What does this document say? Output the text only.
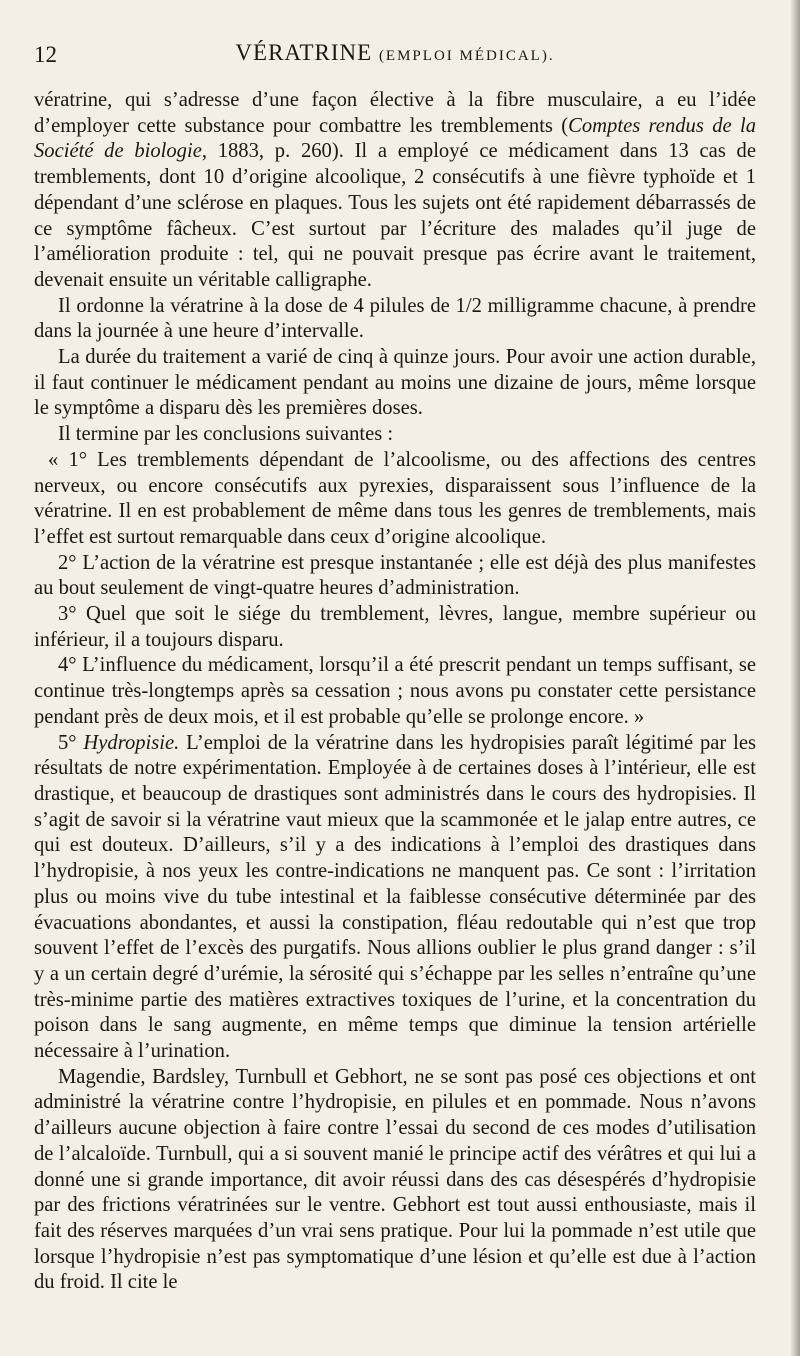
12	VÉRATRINE (EMPLOI MÉDICAL).

vératrine, qui s’adresse d’une façon élective à la fibre musculaire, a eu l’idée d’employer cette substance pour combattre les tremblements (Comptes rendus de la Société de biologie, 1883, p. 260). Il a employé ce médicament dans 13 cas de tremblements, dont 10 d’origine alcoolique, 2 consécutifs à une fièvre typhoïde et 1 dépendant d’une sclérose en plaques. Tous les sujets ont été rapidement débarrassés de ce symptôme fâcheux. C’est surtout par l’écriture des malades qu’il juge de l’amélioration produite : tel, qui ne pouvait presque pas écrire avant le traitement, devenait ensuite un véritable calligraphe.

Il ordonne la vératrine à la dose de 4 pilules de 1/2 milligramme chacune, à prendre dans la journée à une heure d’intervalle.

La durée du traitement a varié de cinq à quinze jours. Pour avoir une action durable, il faut continuer le médicament pendant au moins une dizaine de jours, même lorsque le symptôme a disparu dès les premières doses.

Il termine par les conclusions suivantes :

« 1° Les tremblements dépendant de l’alcoolisme, ou des affections des centres nerveux, ou encore consécutifs aux pyrexies, disparaissent sous l’influence de la vératrine. Il en est probablement de même dans tous les genres de tremblements, mais l’effet est surtout remarquable dans ceux d’origine alcoolique.

2° L’action de la vératrine est presque instantanée ; elle est déjà des plus manifestes au bout seulement de vingt-quatre heures d’administration.

3° Quel que soit le siége du tremblement, lèvres, langue, membre supérieur ou inférieur, il a toujours disparu.

4° L’influence du médicament, lorsqu’il a été prescrit pendant un temps suffisant, se continue très-longtemps après sa cessation ; nous avons pu constater cette persistance pendant près de deux mois, et il est probable qu’elle se prolonge encore. »

5° Hydropisie. L’emploi de la vératrine dans les hydropisies paraît légitimé par les résultats de notre expérimentation. Employée à de certaines doses à l’intérieur, elle est drastique, et beaucoup de drastiques sont administrés dans le cours des hydropisies. Il s’agit de savoir si la vératrine vaut mieux que la scammonée et le jalap entre autres, ce qui est douteux. D’ailleurs, s’il y a des indications à l’emploi des drastiques dans l’hydropisie, à nos yeux les contre-indications ne manquent pas. Ce sont : l’irritation plus ou moins vive du tube intestinal et la faiblesse consécutive déterminée par des évacuations abondantes, et aussi la constipation, fléau redoutable qui n’est que trop souvent l’effet de l’excès des purgatifs. Nous allions oublier le plus grand danger : s’il y a un certain degré d’urémie, la sérosité qui s’échappe par les selles n’entraîne qu’une très-minime partie des matières extractives toxiques de l’urine, et la concentration du poison dans le sang augmente, en même temps que diminue la tension artérielle nécessaire à l’urination.

Magendie, Bardsley, Turnbull et Gebhort, ne se sont pas posé ces objections et ont administré la vératrine contre l’hydropisie, en pilules et en pommade. Nous n’avons d’ailleurs aucune objection à faire contre l’essai du second de ces modes d’utilisation de l’alcaloïde. Turnbull, qui a si souvent manié le principe actif des vérâtres et qui lui a donné une si grande importance, dit avoir réussi dans des cas désespérés d’hydropisie par des frictions vératrinées sur le ventre. Gebhort est tout aussi enthousiaste, mais il fait des réserves marquées d’un vrai sens pratique. Pour lui la pommade n’est utile que lorsque l’hydropisie n’est pas symptomatique d’une lésion et qu’elle est due à l’action du froid. Il cite le
